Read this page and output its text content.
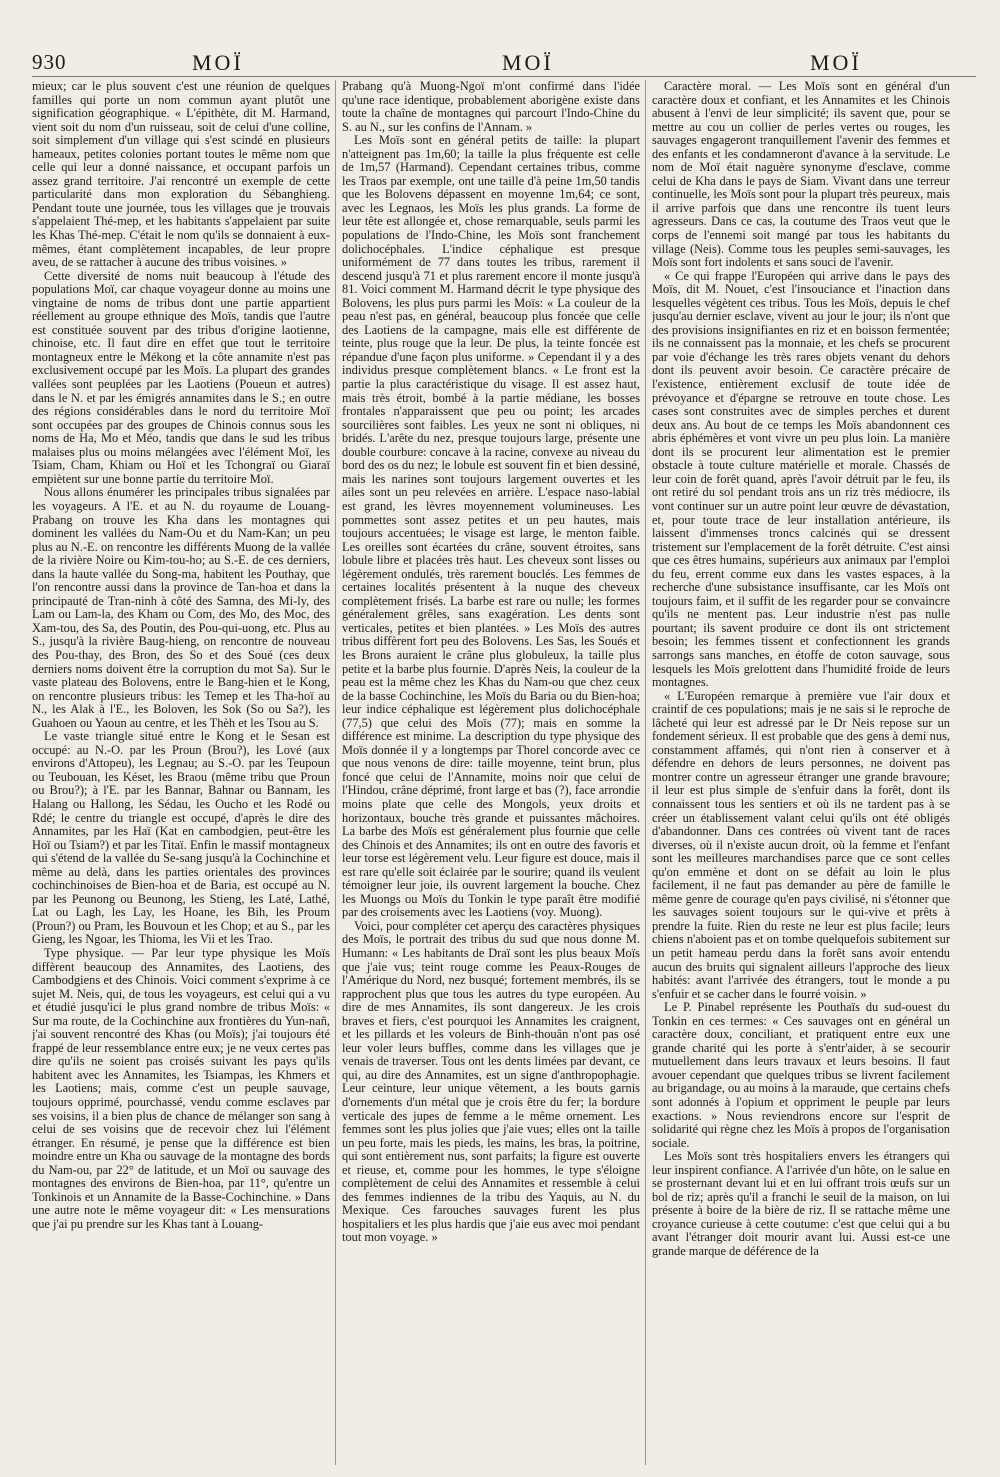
930	MOÏ	MOÏ	MOÏ

mieux; car le plus souvent c'est une réunion de quelques familles qui porte un nom commun ayant plutôt une signification géographique. « L'épithète, dit M. Harmand, vient soit du nom d'un ruisseau, soit de celui d'une colline, soit simplement d'un village qui s'est scindé en plusieurs hameaux, petites colonies portant toutes le même nom que celle qui leur a donné naissance, et occupant parfois un assez grand territoire. J'ai rencontré un exemple de cette particularité dans mon exploration du Sébanghieng. Pendant toute une journée, tous les villages que je trouvais s'appelaient Thé-mep, et les habitants s'appelaient par suite les Khas Thé-mep. C'était le nom qu'ils se donnaient à eux-mêmes, étant complètement incapables, de leur propre aveu, de se rattacher à aucune des tribus voisines. »

Cette diversité de noms nuit beaucoup à l'étude des populations Moï, car chaque voyageur donne au moins une vingtaine de noms de tribus dont une partie appartient réellement au groupe ethnique des Moïs, tandis que l'autre est constituée souvent par des tribus d'origine laotienne, chinoise, etc. Il faut dire en effet que tout le territoire montagneux entre le Mékong et la côte annamite n'est pas exclusivement occupé par les Moïs. La plupart des grandes vallées sont peuplées par les Laotiens (Poueun et autres) dans le N. et par les émigrés annamites dans le S.; en outre des régions considérables dans le nord du territoire Moï sont occupées par des groupes de Chinois connus sous les noms de Ha, Mo et Méo, tandis que dans le sud les tribus malaises plus ou moins mélangées avec l'élément Moï, les Tsiam, Cham, Khiam ou Hoï et les Tchongraï ou Giaraï empiètent sur une bonne partie du territoire Moï.

Nous allons énumérer les principales tribus signalées par les voyageurs. A l'E. et au N. du royaume de Louang-Prabang on trouve les Kha dans les montagnes qui dominent les vallées du Nam-Ou et du Nam-Kan; un peu plus au N.-E. on rencontre les différents Muong de la vallée de la rivière Noire ou Kim-tou-ho; au S.-E. de ces derniers, dans la haute vallée du Song-ma, habitent les Pouthay, que l'on rencontre aussi dans la province de Tan-hoa et dans la principauté de Tran-ninh à côté des Samna, des Mi-ly, des Lam ou Lam-la, des Kham ou Com, des Mo, des Moc, des Xam-tou, des Sa, des Poutin, des Pou-qui-uong, etc. Plus au S., jusqu'à la rivière Baug-hieng, on rencontre de nouveau des Pou-thay, des Bron, des So et des Soué (ces deux derniers noms doivent être la corruption du mot Sa). Sur le vaste plateau des Bolovens, entre le Bang-hien et le Kong, on rencontre plusieurs tribus: les Temep et les Tha-hoï au N., les Alak à l'E., les Boloven, les Sok (So ou Sa?), les Guahoen ou Yaoun au centre, et les Thèh et les Tsou au S.

Le vaste triangle situé entre le Kong et le Sesan est occupé: au N.-O. par les Proun (Brou?), les Lové (aux environs d'Attopeu), les Legnau; au S.-O. par les Teupoun ou Teubouan, les Késet, les Braou (même tribu que Proun ou Brou?); à l'E. par les Bannar, Bahnar ou Bannam, les Halang ou Hallong, les Sédau, les Oucho et les Rodé ou Rdé; le centre du triangle est occupé, d'après le dire des Annamites, par les Haï (Kat en cambodgien, peut-être les Hoï ou Tsiam?) et par les Titaï. Enfin le massif montagneux qui s'étend de la vallée du Se-sang jusqu'à la Cochinchine et même au delà, dans les parties orientales des provinces cochinchinoises de Bien-hoa et de Baria, est occupé au N. par les Peunong ou Beunong, les Stieng, les Laté, Lathé, Lat ou Lagh, les Lay, les Hoane, les Bih, les Proum (Proun?) ou Pram, les Bouvoun et les Chop; et au S., par les Gieng, les Ngoar, les Thioma, les Vii et les Trao.

Type physique. — Par leur type physique les Moïs diffèrent beaucoup des Annamites, des Laotiens, des Cambodgiens et des Chinois. Voici comment s'exprime à ce sujet M. Neis, qui, de tous les voyageurs, est celui qui a vu et étudié jusqu'ici le plus grand nombre de tribus Moïs: « Sur ma route, de la Cochinchine aux frontières du Yun-nañ, j'ai souvent rencontré des Khas (ou Moïs); j'ai toujours été frappé de leur ressemblance entre eux; je ne veux certes pas dire qu'ils ne soient pas croisés suivant les pays qu'ils habitent avec les Annamites, les Tsiampas, les Khmers et les Laotiens; mais, comme c'est un peuple sauvage, toujours opprimé, pourchassé, vendu comme esclaves par ses voisins, il a bien plus de chance de mélanger son sang à celui de ses voisins que de recevoir chez lui l'élément étranger. En résumé, je pense que la différence est bien moindre entre un Kha ou sauvage de la montagne des bords du Nam-ou, par 22° de latitude, et un Moï ou sauvage des montagnes des environs de Bien-hoa, par 11°, qu'entre un Tonkinois et un Annamite de la Basse-Cochinchine. » Dans une autre note le même voyageur dit: « Les mensurations que j'ai pu prendre sur les Khas tant à Louang-

Prabang qu'à Muong-Ngoï m'ont confirmé dans l'idée qu'une race identique, probablement aborigène existe dans toute la chaîne de montagnes qui parcourt l'Indo-Chine du S. au N., sur les confins de l'Annam. »

Les Moïs sont en général petits de taille: la plupart n'atteignent pas 1m,60; la taille la plus fréquente est celle de 1m,57 (Harmand). Cependant certaines tribus, comme les Traos par exemple, ont une taille d'à peine 1m,50 tandis que les Bolovens dépassent en moyenne 1m,64; ce sont, avec les Legnaos, les Moïs les plus grands. La forme de leur tête est allongée et, chose remarquable, seuls parmi les populations de l'Indo-Chine, les Moïs sont franchement dolichocéphales. L'indice céphalique est presque uniformément de 77 dans toutes les tribus, rarement il descend jusqu'à 71 et plus rarement encore il monte jusqu'à 81. Voici comment M. Harmand décrit le type physique des Bolovens, les plus purs parmi les Moïs: « La couleur de la peau n'est pas, en général, beaucoup plus foncée que celle des Laotiens de la campagne, mais elle est différente de teinte, plus rouge que la leur. De plus, la teinte foncée est répandue d'une façon plus uniforme. » Cependant il y a des individus presque complètement blancs. « Le front est la partie la plus caractéristique du visage. Il est assez haut, mais très étroit, bombé à la partie médiane, les bosses frontales n'apparaissent que peu ou point; les arcades sourcilières sont faibles. Les yeux ne sont ni obliques, ni bridés. L'arête du nez, presque toujours large, présente une double courbure: concave à la racine, convexe au niveau du bord des os du nez; le lobule est souvent fin et bien dessiné, mais les narines sont toujours largement ouvertes et les ailes sont un peu relevées en arrière. L'espace naso-labial est grand, les lèvres moyennement volumineuses. Les pommettes sont assez petites et un peu hautes, mais toujours accentuées; le visage est large, le menton faible. Les oreilles sont écartées du crâne, souvent étroites, sans lobule libre et placées très haut. Les cheveux sont lisses ou légèrement ondulés, très rarement bouclés. Les femmes de certaines localités présentent à la nuque des cheveux complètement frisés. La barbe est rare ou nulle; les formes généralement grêles, sans exagération. Les dents sont verticales, petites et bien plantées. » Les Moïs des autres tribus diffèrent fort peu des Bolovens. Les Sas, les Soués et les Brons auraient le crâne plus globuleux, la taille plus petite et la barbe plus fournie. D'après Neis, la couleur de la peau est la même chez les Khas du Nam-ou que chez ceux de la basse Cochinchine, les Moïs du Baria ou du Bien-hoa; leur indice céphalique est légèrement plus dolichocéphale (77,5) que celui des Moïs (77); mais en somme la différence est minime. La description du type physique des Moïs donnée il y a longtemps par Thorel concorde avec ce que nous venons de dire: taille moyenne, teint brun, plus foncé que celui de l'Annamite, moins noir que celui de l'Hindou, crâne déprimé, front large et bas (?), face arrondie moins plate que celle des Mongols, yeux droits et horizontaux, bouche très grande et puissantes mâchoires. La barbe des Moïs est généralement plus fournie que celle des Chinois et des Annamites; ils ont en outre des favoris et leur torse est légèrement velu. Leur figure est douce, mais il est rare qu'elle soit éclairée par le sourire; quand ils veulent témoigner leur joie, ils ouvrent largement la bouche. Chez les Muongs ou Moïs du Tonkin le type paraît être modifié par des croisements avec les Laotiens (voy. Muong).

Voici, pour compléter cet aperçu des caractères physiques des Moïs, le portrait des tribus du sud que nous donne M. Humann: « Les habitants de Draï sont les plus beaux Moïs que j'aie vus; teint rouge comme les Peaux-Rouges de l'Amérique du Nord, nez busqué; fortement membrés, ils se rapprochent plus que tous les autres du type européen. Au dire de mes Annamites, ils sont dangereux. Je les crois braves et fiers, c'est pourquoi les Annamites les craignent, et les pillards et les voleurs de Binh-thouân n'ont pas osé leur voler leurs buffles, comme dans les villages que je venais de traverser. Tous ont les dents limées par devant, ce qui, au dire des Annamites, est un signe d'anthropophagie. Leur ceinture, leur unique vêtement, a les bouts garnis d'ornements d'un métal que je crois être du fer; la bordure verticale des jupes de femme a le même ornement. Les femmes sont les plus jolies que j'aie vues; elles ont la taille un peu forte, mais les pieds, les mains, les bras, la poitrine, qui sont entièrement nus, sont parfaits; la figure est ouverte et rieuse, et, comme pour les hommes, le type s'éloigne complètement de celui des Annamites et ressemble à celui des femmes indiennes de la tribu des Yaquis, au N. du Mexique. Ces farouches sauvages furent les plus hospitaliers et les plus hardis que j'aie eus avec moi pendant tout mon voyage. »

Caractère moral. — Les Moïs sont en général d'un caractère doux et confiant, et les Annamites et les Chinois abusent à l'envi de leur simplicité; ils savent que, pour se mettre au cou un collier de perles vertes ou rouges, les sauvages engageront tranquillement l'avenir des femmes et des enfants et les condamneront d'avance à la servitude. Le nom de Moï était naguère synonyme d'esclave, comme celui de Kha dans le pays de Siam. Vivant dans une terreur continuelle, les Moïs sont pour la plupart très peureux, mais il arrive parfois que dans une rencontre ils tuent leurs agresseurs. Dans ce cas, la coutume des Traos veut que le corps de l'ennemi soit mangé par tous les habitants du village (Neis). Comme tous les peuples semi-sauvages, les Moïs sont fort indolents et sans souci de l'avenir.

« Ce qui frappe l'Européen qui arrive dans le pays des Moïs, dit M. Nouet, c'est l'insouciance et l'inaction dans lesquelles végètent ces tribus. Tous les Moïs, depuis le chef jusqu'au dernier esclave, vivent au jour le jour; ils n'ont que des provisions insignifiantes en riz et en boisson fermentée; ils ne connaissent pas la monnaie, et les chefs se procurent par voie d'échange les très rares objets venant du dehors dont ils peuvent avoir besoin. Ce caractère précaire de l'existence, entièrement exclusif de toute idée de prévoyance et d'épargne se retrouve en toute chose. Les cases sont construites avec de simples perches et durent deux ans. Au bout de ce temps les Moïs abandonnent ces abris éphémères et vont vivre un peu plus loin. La manière dont ils se procurent leur alimentation est le premier obstacle à toute culture matérielle et morale. Chassés de leur coin de forêt quand, après l'avoir détruit par le feu, ils ont retiré du sol pendant trois ans un riz très médiocre, ils vont continuer sur un autre point leur œuvre de dévastation, et, pour toute trace de leur installation antérieure, ils laissent d'immenses troncs calcinés qui se dressent tristement sur l'emplacement de la forêt détruite. C'est ainsi que ces êtres humains, supérieurs aux animaux par l'emploi du feu, errent comme eux dans les vastes espaces, à la recherche d'une subsistance insuffisante, car les Moïs ont toujours faim, et il suffit de les regarder pour se convaincre qu'ils ne mentent pas. Leur industrie n'est pas nulle pourtant; ils savent produire ce dont ils ont strictement besoin; les femmes tissent et confectionnent les grands sarrongs sans manches, en étoffe de coton sauvage, sous lesquels les Moïs grelottent dans l'humidité froide de leurs montagnes.

« L'Européen remarque à première vue l'air doux et craintif de ces populations; mais je ne sais si le reproche de lâcheté qui leur est adressé par le Dr Neis repose sur un fondement sérieux. Il est probable que des gens à demi nus, constamment affamés, qui n'ont rien à conserver et à défendre en dehors de leurs personnes, ne doivent pas montrer contre un agresseur étranger une grande bravoure; il leur est plus simple de s'enfuir dans la forêt, dont ils connaissent tous les sentiers et où ils ne tardent pas à se créer un établissement valant celui qu'ils ont été obligés d'abandonner. Dans ces contrées où vivent tant de races diverses, où il n'existe aucun droit, où la femme et l'enfant sont les meilleures marchandises parce que ce sont celles qu'on emmène et dont on se défait au loin le plus facilement, il ne faut pas demander au père de famille le même genre de courage qu'en pays civilisé, ni s'étonner que les sauvages soient toujours sur le qui-vive et prêts à prendre la fuite. Rien du reste ne leur est plus facile; leurs chiens n'aboient pas et on tombe quelquefois subitement sur un petit hameau perdu dans la forêt sans avoir entendu aucun des bruits qui signalent ailleurs l'approche des lieux habités: avant l'arrivée des étrangers, tout le monde a pu s'enfuir et se cacher dans le fourré voisin. »

Le P. Pinabel représente les Pouthaïs du sud-ouest du Tonkin en ces termes: « Ces sauvages ont en général un caractère doux, conciliant, et pratiquent entre eux une grande charité qui les porte à s'entr'aider, à se secourir mutuellement dans leurs travaux et leurs besoins. Il faut avouer cependant que quelques tribus se livrent facilement au brigandage, ou au moins à la maraude, que certains chefs sont adonnés à l'opium et oppriment le peuple par leurs exactions. » Nous reviendrons encore sur l'esprit de solidarité qui règne chez les Moïs à propos de l'organisation sociale.

Les Moïs sont très hospitaliers envers les étrangers qui leur inspirent confiance. A l'arrivée d'un hôte, on le salue en se prosternant devant lui et en lui offrant trois œufs sur un bol de riz; après qu'il a franchi le seuil de la maison, on lui présente à boire de la bière de riz. Il se rattache même une croyance curieuse à cette coutume: c'est que celui qui a bu avant l'étranger doit mourir avant lui. Aussi est-ce une grande marque de déférence de la
